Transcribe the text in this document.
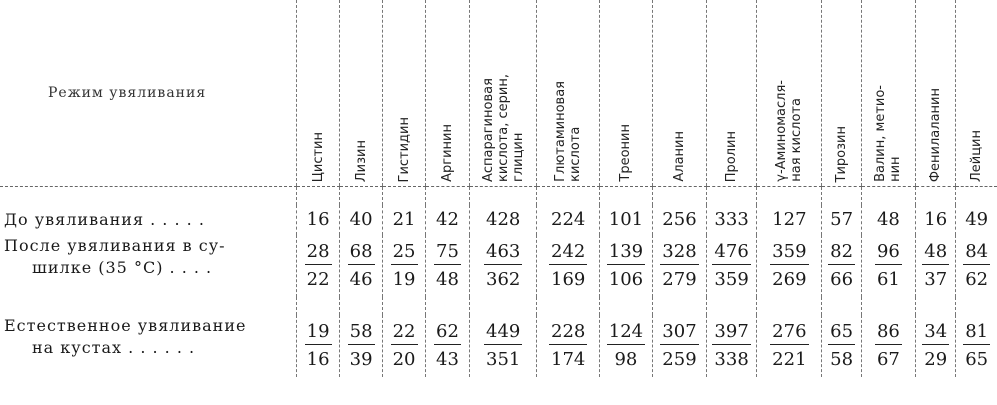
Режим увяливания	Цистин	Лизин	Гистидин	Аргинин	Аспарагиновая
кислота, серин,
глицин	Глютаминовая
кислота	Треонин	Аланин	Пролин	γ-Аминомасля-
ная кислота	Тирозин	Валин, метио-
нин	Фенилаланин	Лейцин

До увяливания . . . . .	16	40	21	42	428	224	101	256	333	127	57	48	16	49

После увяливания в су-
шилке (35 °С) . . . .	$\frac{28}{22}$	$\frac{68}{46}$	$\frac{25}{19}$	$\frac{75}{48}$	$\frac{463}{362}$	$\frac{242}{169}$	$\frac{139}{106}$	$\frac{328}{279}$	$\frac{476}{359}$	$\frac{359}{269}$	$\frac{82}{66}$	$\frac{96}{61}$	$\frac{48}{37}$	$\frac{84}{62}$

Естественное увяливание
на кустах . . . . . .	$\frac{19}{16}$	$\frac{58}{39}$	$\frac{22}{20}$	$\frac{62}{43}$	$\frac{449}{351}$	$\frac{228}{174}$	$\frac{124}{98}$	$\frac{307}{259}$	$\frac{397}{338}$	$\frac{276}{221}$	$\frac{65}{58}$	$\frac{86}{67}$	$\frac{34}{29}$	$\frac{81}{65}$
